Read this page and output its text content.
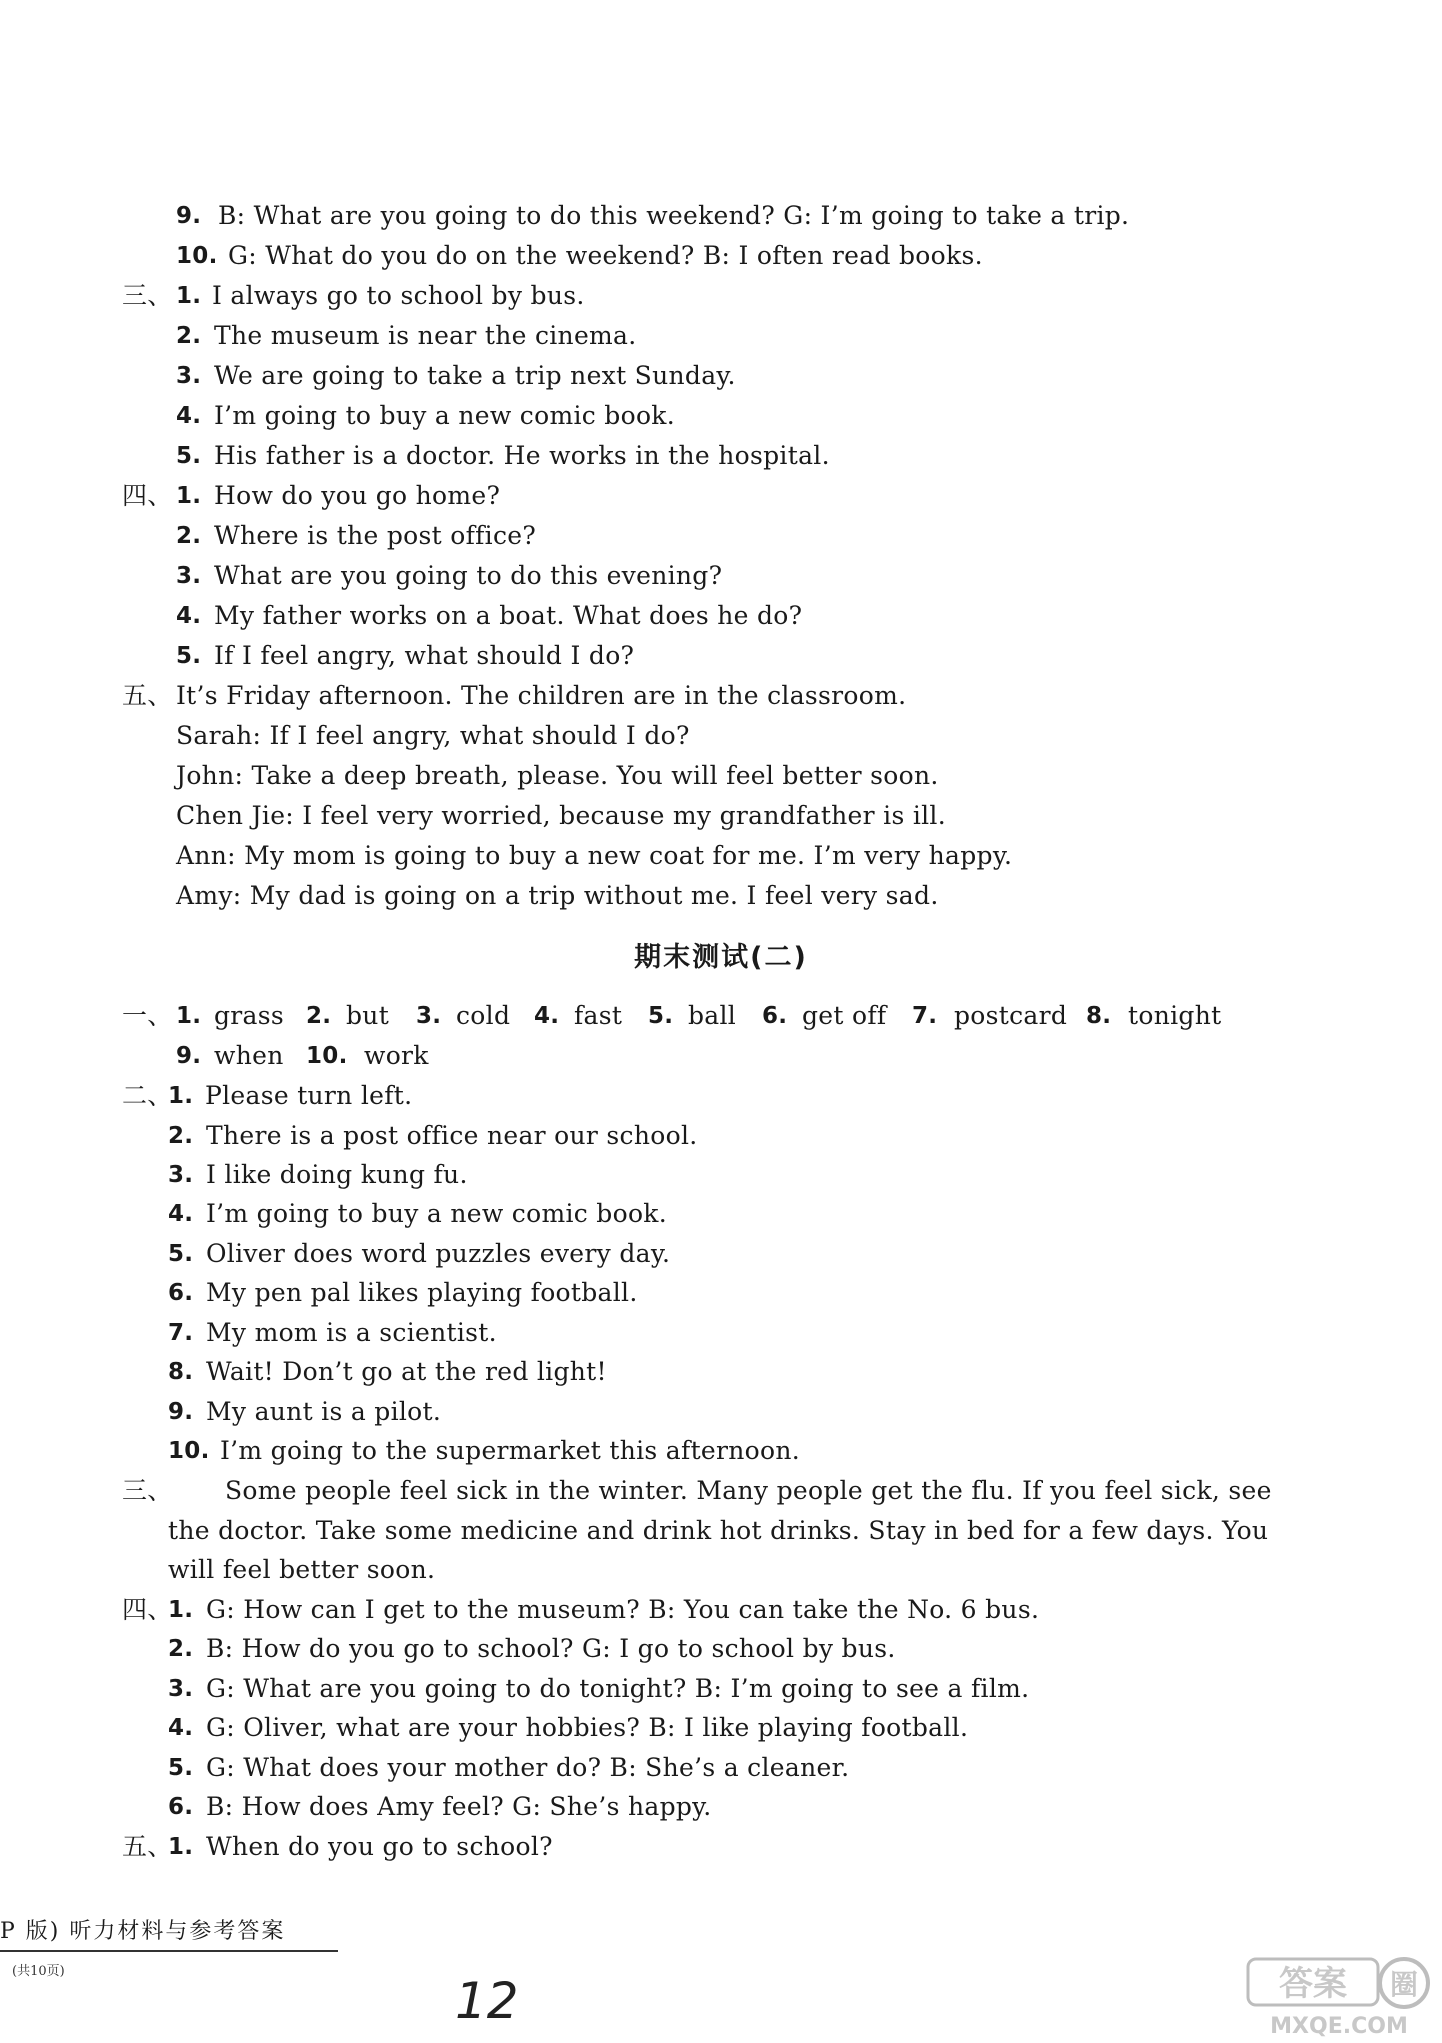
9. B: What are you going to do this weekend? G: I’m going to take a trip.
10. G: What do you do on the weekend? B: I often read books.
三、 1. I always go to school by bus.
2. The museum is near the cinema.
3. We are going to take a trip next Sunday.
4. I’m going to buy a new comic book.
5. His father is a doctor. He works in the hospital.
四、 1. How do you go home?
2. Where is the post office?
3. What are you going to do this evening?
4. My father works on a boat. What does he do?
5. If I feel angry, what should I do?
五、 It’s Friday afternoon. The children are in the classroom.
Sarah: If I feel angry, what should I do?
John: Take a deep breath, please. You will feel better soon.
Chen Jie: I feel very worried, because my grandfather is ill.
Ann: My mom is going to buy a new coat for me. I’m very happy.
Amy: My dad is going on a trip without me. I feel very sad.
期末测试(二)
一、 1. grass 2. but 3. cold 4. fast 5. ball 6. get off 7. postcard 8. tonight
9. when 10. work
二、
1. Please turn left.
2. There is a post office near our school.
3. I like doing kung fu.
4. I’m going to buy a new comic book.
5. Oliver does word puzzles every day.
6. My pen pal likes playing football.
7. My mom is a scientist.
8. Wait! Don’t go at the red light!
9. My aunt is a pilot.
10. I’m going to the supermarket this afternoon.
三、 Some people feel sick in the winter. Many people get the flu. If you feel sick, see
the doctor. Take some medicine and drink hot drinks. Stay in bed for a few days. You
will feel better soon.
四、
1. G: How can I get to the museum? B: You can take the No. 6 bus.
2. B: How do you go to school? G: I go to school by bus.
3. G: What are you going to do tonight? B: I’m going to see a film.
4. G: Oliver, what are your hobbies? B: I like playing football.
5. G: What does your mother do? B: She’s a cleaner.
6. B: How does Amy feel? G: She’s happy.
五、
1. When do you go to school?
P 版) 听力材料与参考答案
(共10页)
12	答案 圈
MXQE.COM
